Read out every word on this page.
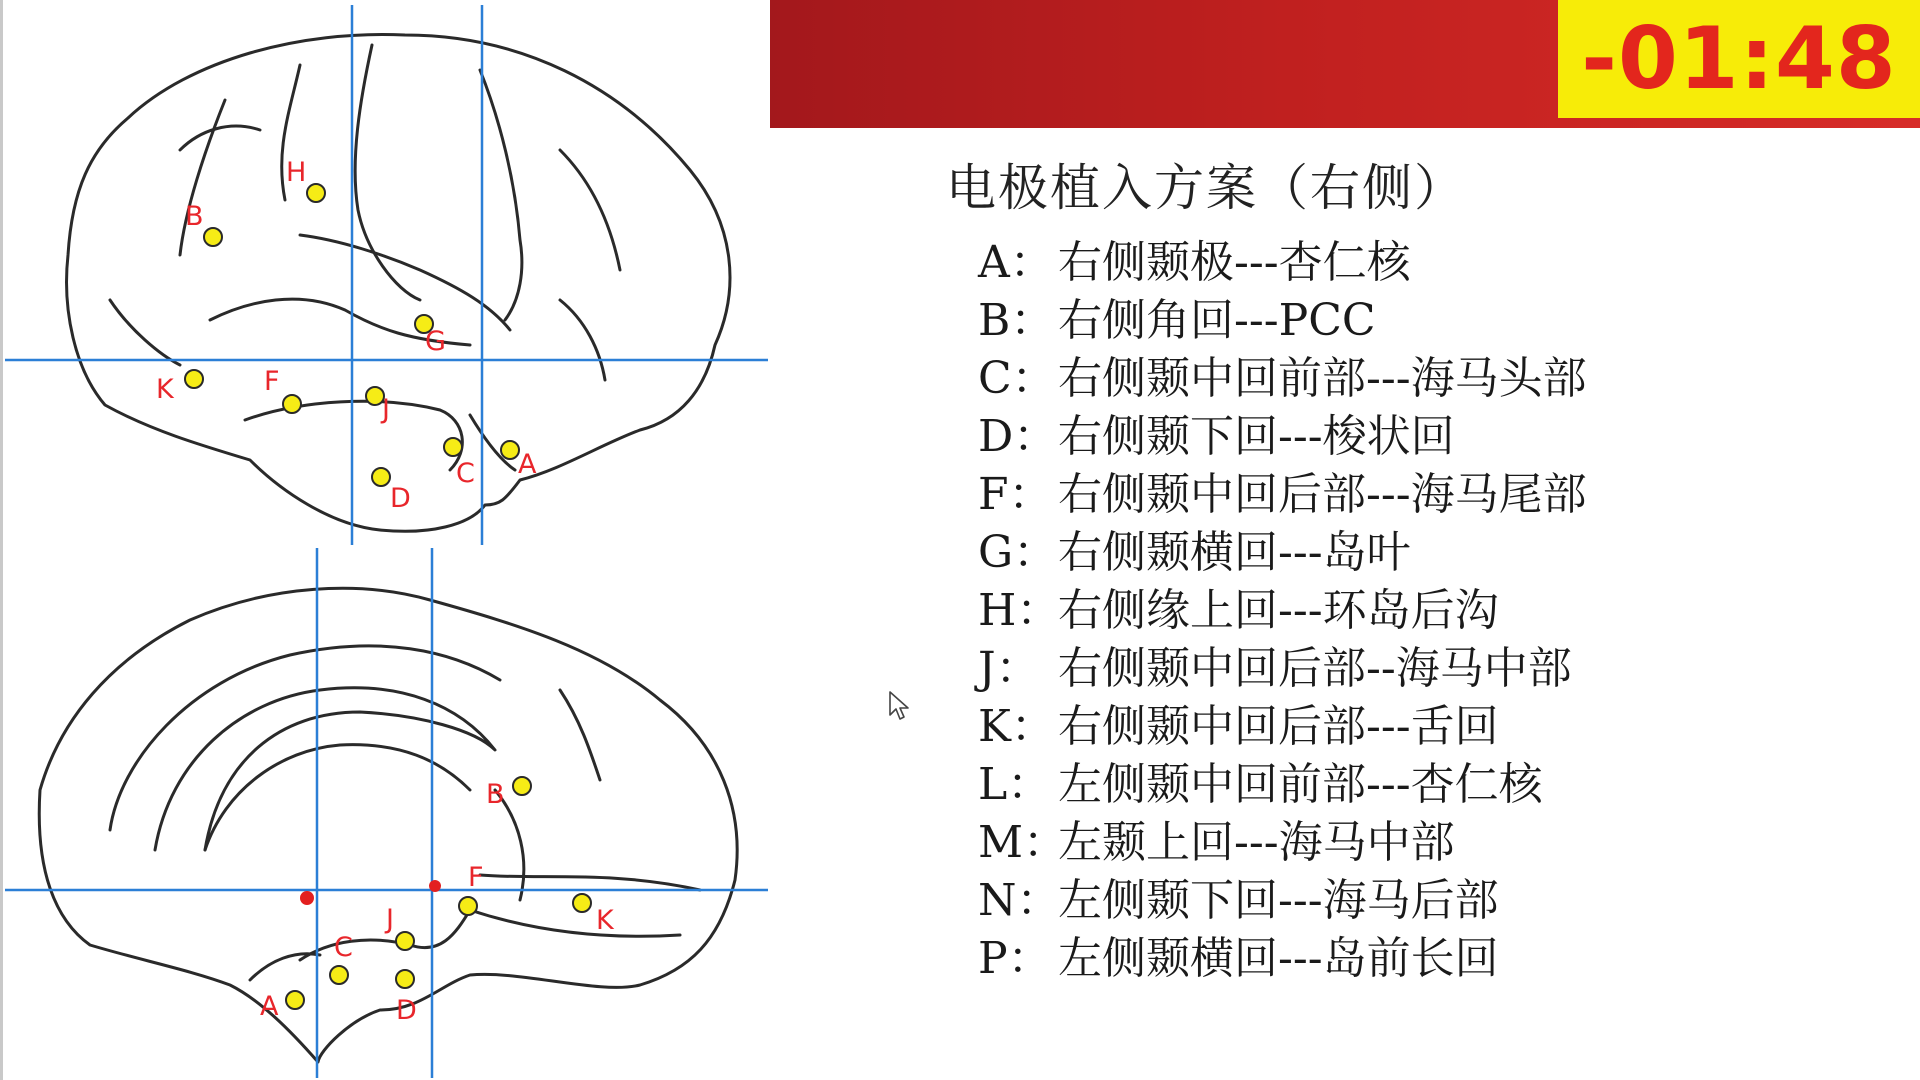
H
B
G
K	F
J
C A
D
B
F
K
J
C
D
A
-01:48
电极植入方案（右侧）
A：右侧颞极---杏仁核
B：右侧角回---PCC
C：右侧颞中回前部---海马头部
D：右侧颞下回---梭状回
F： 右侧颞中回后部---海马尾部
G：右侧颞横回---岛叶
H：右侧缘上回---环岛后沟
J： 右侧颞中回后部--海马中部
K：右侧颞中回后部---舌回
L： 左侧颞中回前部---杏仁核
M：左颞上回---海马中部
N：左侧颞下回---海马后部
P： 左侧颞横回---岛前长回
